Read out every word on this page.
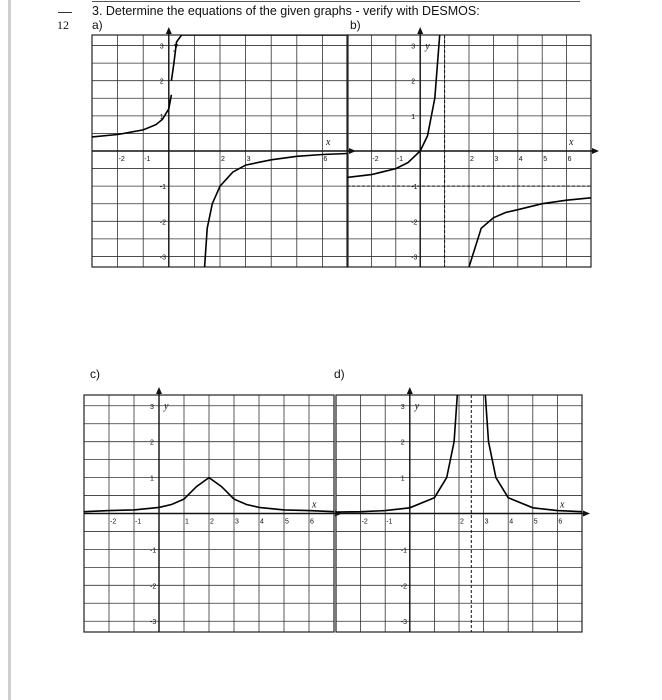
12
3. Determine the equations of the given graphs - verify with DESMOS:
a)	b)
c)	d)
x
y
-2	-1	2	3	6
3
2
1
-1
-2
-3
x
y
-2	-1	2	3	4	5	6
3
2
1
-1
-2
-3
x
y
-2	-1	1	2	3	4	5	6
3
2
1
-1
-2
-3
x
y
-2	-1	2	3	4	5	6
3
2
1
-1
-2
-3
